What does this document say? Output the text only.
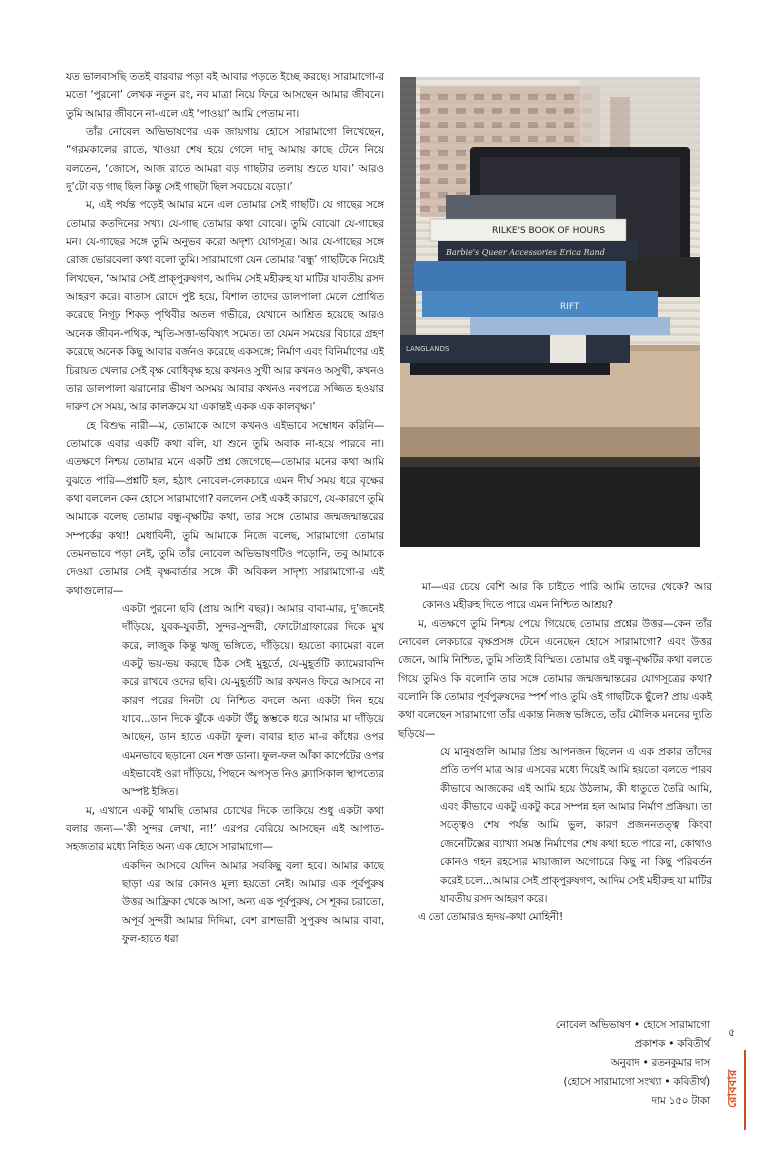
যত ভালবাসছি ততই বারবার পড়া বই আবার পড়তে ইচ্ছে করছে। সারামাগো-র মতো ‘পুরনো’ লেখক নতুন রং, নব মাত্রা নিয়ে ফিরে আসছেন আমার জীবনে। তুমি আমার জীবনে না-এলে এই ‘পাওয়া’ আমি পেতাম না।

তাঁর নোবেল অভিভাষণের এক জায়গায় হোসে সারামাগো লিখেছেন, “গরমকালের রাতে, খাওয়া শেষ হয়ে গেলে দাদু আমায় কাছে টেনে নিয়ে বলতেন, ‘জোসে, আজ রাতে আমরা বড় গাছটার তলায় শুতে যাব।’ আরও দু’টো বড় গাছ ছিল কিন্তু সেই গাছটা ছিল সবচেয়ে বড়ো।’

ম, এই পর্যন্ত পড়েই আমার মনে এল তোমার সেই গাছটি। যে গাছের সঙ্গে তোমার কতদিনের সখ্য। যে-গাছ তোমার কথা বোঝে। তুমি বোঝো যে-গাছের মন। যে-গাছের সঙ্গে তুমি অনুভব করো অদৃশ্য যোগসূত্র। আর যে-গাছের সঙ্গে রোজ ভোরবেলা কথা বলো তুমি। সারামাগো যেন তোমার ‘বন্ধু’ গাছটিকে নিয়েই লিখছেন, ‘আমার সেই প্রাক্‌পুরুষগণ, আদিম সেই মহীরুহ যা মাটির যাবতীয় রসদ আহরণ করে। বাতাস রোদে পুষ্ট হয়ে, বিশাল তাদের ডালপালা মেলে প্রোথিত করেছে নিগূঢ় শিকড় পৃথিবীর অতল গভীরে, যেখানে আশ্রিত হয়েছে আরও অনেক জীবন-পথিক, স্মৃতি-সত্তা-ভবিষ্যৎ সমেত। তা যেমন সময়ের বিচারে গ্রহণ করেছে অনেক কিছু আবার বর্জনও করেছে একসঙ্গে; নির্মাণ এবং বিনির্মাণের এই চিরায়ত খেলার সেই বৃক্ষ বোধিবৃক্ষ হয়ে কখনও সুখী আর কখনও অসুখী, কখনও তার ডালপালা ঝরানোর ভীষণ অসময় আবার কখনও নবপত্রে সজ্জিত হওয়ার দারুণ সে সময়, আর কালক্রমে যা একান্তই একক এক কালবৃক্ষ।’

হে বিশুদ্ধ নারী—ম, তোমাকে আগে কখনও এইভাবে সম্বোধন করিনি—তোমাকে এবার একটি কথা বলি, যা শুনে তুমি অবাক না-হয়ে পারবে না। এতক্ষণে নিশ্চয় তোমার মনে একটি প্রশ্ন জেগেছে—তোমার মনের কথা আমি বুঝতে পারি—প্রশ্নটি হল, হঠাৎ নোবেল-লেকচারে এমন দীর্ঘ সময় ধরে বৃক্ষের কথা বললেন কেন হোসে সারামাগো? বললেন সেই একই কারণে, যে-কারণে তুমি আমাকে বলেছ তোমার বন্ধু-বৃক্ষটির কথা, তার সঙ্গে তোমার জন্মজন্মান্তরের সম্পর্কের কথা! মেধাবিনী, তুমি আমাকে নিজে বলেছ, সারামাগো তোমার তেমনভাবে পড়া নেই, তুমি তাঁর নোবেল অভিভাষণটিও পড়োনি, তবু আমাকে দেওয়া তোমার সেই বৃক্ষবার্তার সঙ্গে কী অবিকল সাদৃশ্য সারামাগো-র এই কথাগুলোর—

একটা পুরনো ছবি (প্রায় আশি বছর)। আমার বাবা-মার, দু’জনেই দাঁড়িয়ে, যুবক-যুবতী, সুন্দর-সুন্দরী, ফোটোগ্রাফারের দিকে মুখ করে, লাজুক কিন্তু ঋজু ভঙ্গিতে, দাঁড়িয়ে। হয়তো ক্যামেরা বলে একটু ভয়-ভয় করছে ঠিক সেই মুহূর্তে, যে-মুহূর্তটি ক্যামেরাবন্দি করে রাখবে ওদের ছবি। যে-মুহূর্তটি আর কখনও ফিরে আসবে না কারণ পরের দিনটা যে নিশ্চিত বদলে অন্য একটা দিন হয়ে যাবে...ডান দিকে ঝুঁকে একটা উঁচু স্তম্ভকে ধরে আমার মা দাঁড়িয়ে আছেন, ডান হাতে একটা ফুল। বাবার হাত মা-র কাঁধের ওপর এমনভাবে ছড়ানো যেন শক্ত ডানা। ফুল-ফল আঁকা কার্পেটের ওপর এইভাবেই ওরা দাঁড়িয়ে, পিছনে অপসৃত নিও ক্ল্যাসিকাল স্থাপত্যের অস্পষ্ট ইঙ্গিত।

ম, এখানে একটু থামছি তোমার চোখের দিকে তাকিয়ে শুধু একটা কথা বলার জন্য—‘কী সুন্দর লেখা, না!’ এরপর বেরিয়ে আসছেন এই আপাত-সহজতার মধ্যে নিহিত অন্য এক হোসে সারামাগো—

একদিন আসবে যেদিন আমার সবকিছু বলা হবে। আমার কাছে ছাড়া এর আর কোনও মূল্য হয়তো নেই। আমার এক পূর্বপুরুষ উত্তর আফ্রিকা থেকে আসা, অন্য এক পূর্বপুরুষ, সে শূকর চরাতো, অপূর্ব সুন্দরী আমার দিদিমা, বেশ রাশভারী সুপুরুষ আমার বাবা, ফুল-হাতে ধরা

RILKE'S BOOK OF HOURS
Barbie's Queer Accessories Erica Rand
RIFT
LANGLANDS

মা—এর চেয়ে বেশি আর কি চাইতে পারি আমি তাদের থেকে? আর কোনও মহীরুহ দিতে পারে এমন নিশ্চিত আশ্রয়?

ম, এতক্ষণে তুমি নিশ্চয় পেয়ে গিয়েছে তোমার প্রশ্নের উত্তর—কেন তাঁর নোবেল লেকচারে বৃক্ষপ্রসঙ্গ টেনে এনেছেন হোসে সারামাগো? এবং উত্তর জেনে, আমি নিশ্চিত, তুমি সত্যিই বিস্মিত। তোমার ওই বন্ধু-বৃক্ষটির কথা বলতে গিয়ে তুমিও কি বলোনি তার সঙ্গে তোমার জন্মজন্মান্তরের যোগসূত্রের কথা? বলোনি কি তোমার পূর্বপুরুষদের স্পর্শ পাও তুমি ওই গাছটিকে ছুঁলে? প্রায় একই কথা বলেছেন সারামাগো তাঁর একান্ত নিজস্ব ভঙ্গিতে, তাঁর মৌলিক মননের দ্যুতি ছড়িয়ে—

যে মানুষগুলি আমার প্রিয় আপনজন ছিলেন এ এক প্রকার তাঁদের প্রতি তর্পণ মাত্র আর এসবের মধ্যে দিয়েই আমি হয়তো বলতে পারব কীভাবে আজকের এই আমি হয়ে উঠলাম, কী ধাতুতে তৈরি আমি, এবং কীভাবে একটু একটু করে সম্পন্ন হল আমার নির্মাণ প্রক্রিয়া। তা সত্ত্বেও শেষ পর্যন্ত আমি ভুল, কারণ প্রজননতত্ত্ব কিংবা জেনেটিক্সের ব্যাখ্যা সমস্ত নির্মাণের শেষ কথা হতে পারে না, কোথাও কোনও গহন রহস্যের মায়াজাল অগোচরে কিছু না কিছু পরিবর্তন করেই চলে...আমার সেই প্রাক্‌পুরুষগণ, আদিম সেই মহীরুহ যা মাটির যাবতীয় রসদ আহরণ করে।

এ তো তোমারও হৃদয়-কথা মোহিনী!

নোবেল অভিভাষণ • হোসে সারামাগো
প্রকাশক • কবিতীর্থ
অনুবাদ • রতনকুমার দাস
(হোসে সারামাগো সংখ্যা • কবিতীর্থ)
দাম ১৫০ টাকা
৫
রোববার
